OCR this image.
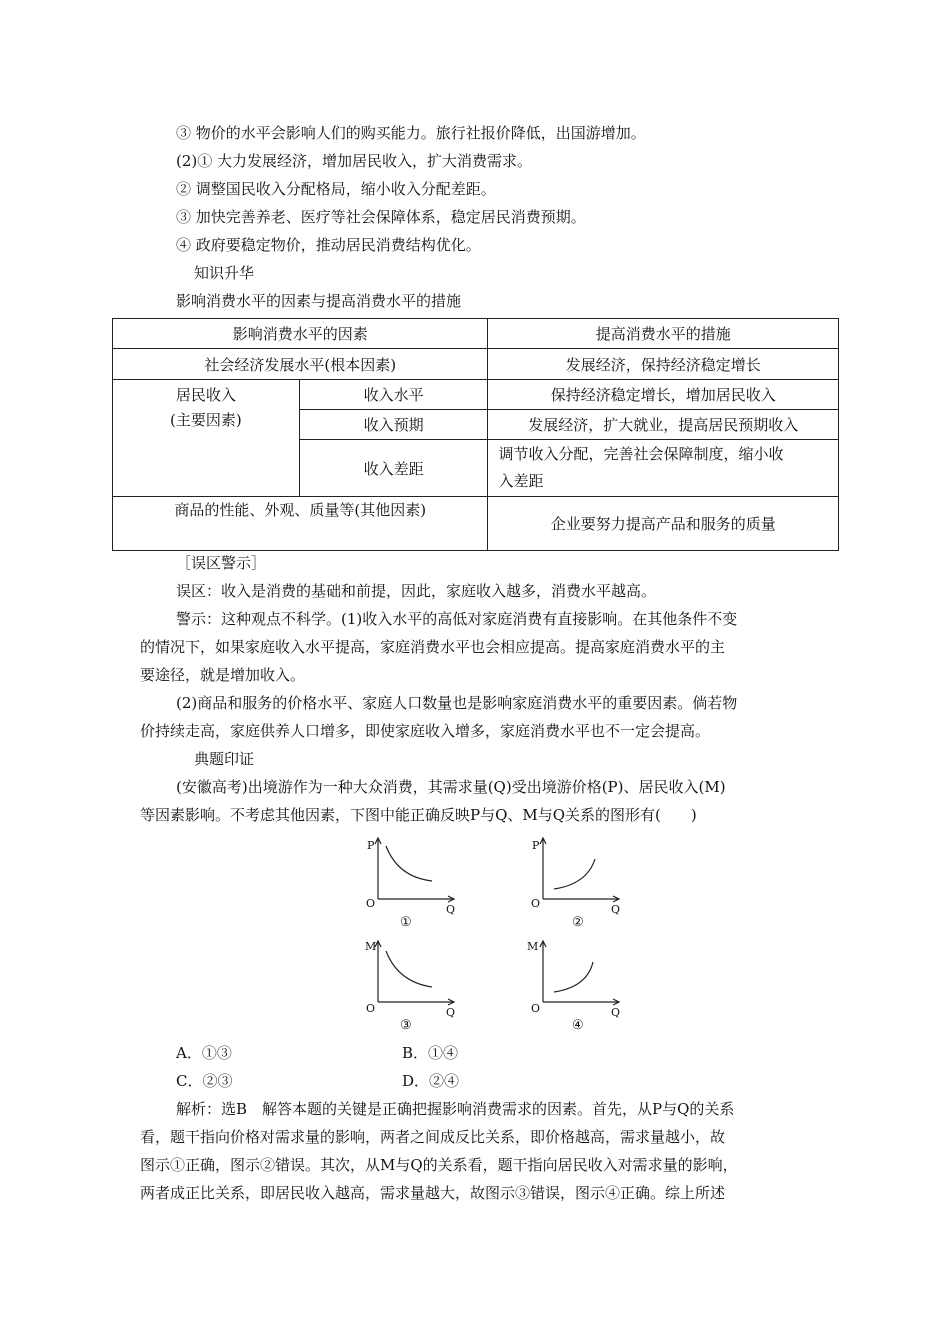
③ 物价的水平会影响人们的购买能力。旅行社报价降低，出国游增加。
(2)① 大力发展经济，增加居民收入，扩大消费需求。
② 调整国民收入分配格局，缩小收入分配差距。
③ 加快完善养老、医疗等社会保障体系，稳定居民消费预期。
④ 政府要稳定物价，推动居民消费结构优化。
知识升华
影响消费水平的因素与提高消费水平的措施
影响消费水平的因素		提高消费水平的措施
社会经济发展水平(根本因素)		发展经济，保持经济稳定增长

居民收入
(主要因素)	收入水平	保持经济稳定增长，增加居民收入
	收入预期	发展经济，扩大就业，提高居民预期收入
	收入差距	调节收入分配，完善社会保障制度，缩小收
入差距

商品的性能、外观、质量等(其他因素)		企业要努力提高产品和服务的质量
［误区警示］
误区：收入是消费的基础和前提，因此，家庭收入越多，消费水平越高。
警示：这种观点不科学。(1)收入水平的高低对家庭消费有直接影响。在其他条件不变
的情况下，如果家庭收入水平提高，家庭消费水平也会相应提高。提高家庭消费水平的主
要途径，就是增加收入。
(2)商品和服务的价格水平、家庭人口数量也是影响家庭消费水平的重要因素。倘若物
价持续走高，家庭供养人口增多，即使家庭收入增多，家庭消费水平也不一定会提高。
典题印证
(安徽高考)出境游作为一种大众消费，其需求量(Q)受出境游价格(P)、居民收入(M)
等因素影响。不考虑其他因素，下图中能正确反映P与Q、M与Q关系的图形有(　　)
P
O	Q
①
P
O	Q
②
M
O	Q
③
M
O	Q
④
A．①③	B．①④
C．②③	D．②④
解析：选B　解答本题的关键是正确把握影响消费需求的因素。首先，从P与Q的关系
看，题干指向价格对需求量的影响，两者之间成反比关系，即价格越高，需求量越小，故
图示①正确，图示②错误。其次，从M与Q的关系看，题干指向居民收入对需求量的影响，
两者成正比关系，即居民收入越高，需求量越大，故图示③错误，图示④正确。综上所述
